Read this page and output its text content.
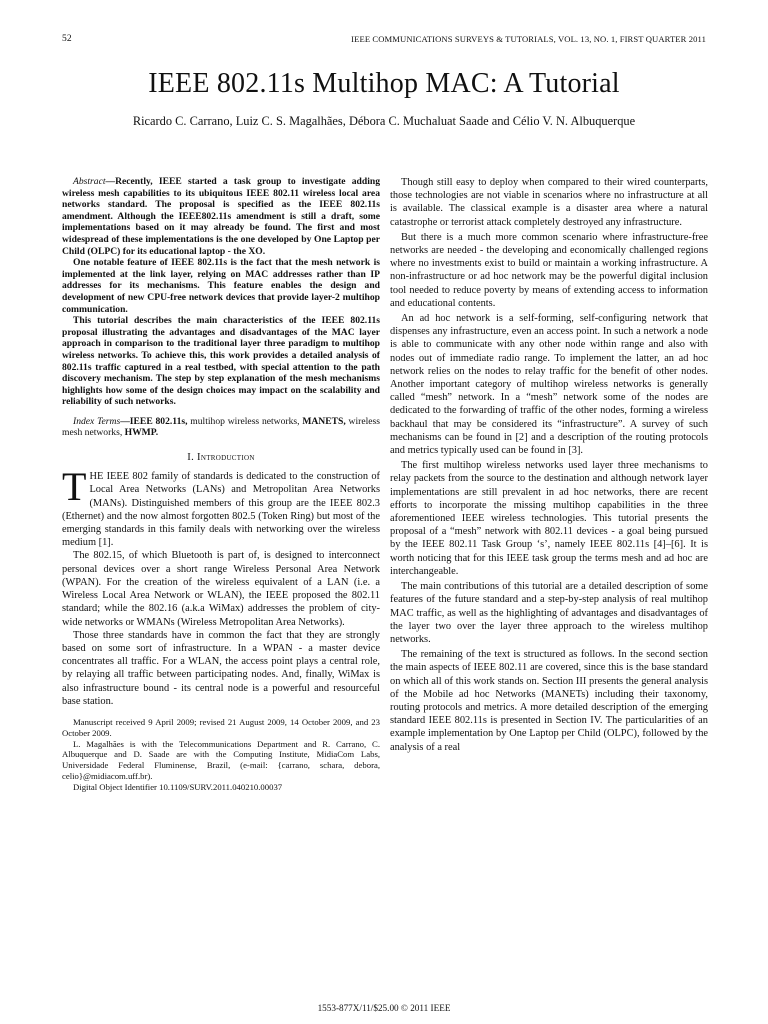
52	IEEE COMMUNICATIONS SURVEYS & TUTORIALS, VOL. 13, NO. 1, FIRST QUARTER 2011
IEEE 802.11s Multihop MAC: A Tutorial
Ricardo C. Carrano, Luiz C. S. Magalhães, Débora C. Muchaluat Saade and Célio V. N. Albuquerque

Abstract—Recently, IEEE started a task group to investigate adding wireless mesh capabilities to its ubiquitous IEEE 802.11 wireless local area networks standard. The proposal is specified as the IEEE 802.11s amendment. Although the IEEE802.11s amendment is still a draft, some implementations based on it may already be found. The first and most widespread of these implementations is the one developed by One Laptop per Child (OLPC) for its educational laptop - the XO.

One notable feature of IEEE 802.11s is the fact that the mesh network is implemented at the link layer, relying on MAC addresses rather than IP addresses for its mechanisms. This feature enables the design and development of new CPU-free network devices that provide layer-2 multihop communication.

This tutorial describes the main characteristics of the IEEE 802.11s proposal illustrating the advantages and disadvantages of the MAC layer approach in comparison to the traditional layer three paradigm to multihop wireless networks. To achieve this, this work provides a detailed analysis of 802.11s traffic captured in a real testbed, with special attention to the path discovery mechanism. The step by step explanation of the mesh mechanisms highlights how some of the design choices may impact on the scalability and reliability of such networks.

Index Terms—IEEE 802.11s, multihop wireless networks, MANETS, wireless mesh networks, HWMP.

I. Introduction

THE IEEE 802 family of standards is dedicated to the construction of Local Area Networks (LANs) and Metropolitan Area Networks (MANs). Distinguished members of this group are the IEEE 802.3 (Ethernet) and the now almost forgotten 802.5 (Token Ring) but most of the emerging standards in this family deals with networking over the wireless medium [1].

The 802.15, of which Bluetooth is part of, is designed to interconnect personal devices over a short range Wireless Personal Area Network (WPAN). For the creation of the wireless equivalent of a LAN (i.e. a Wireless Local Area Network or WLAN), the IEEE proposed the 802.11 standard; while the 802.16 (a.k.a WiMax) addresses the problem of city-wide networks or WMANs (Wireless Metropolitan Area Networks).

Those three standards have in common the fact that they are strongly based on some sort of infrastructure. In a WPAN - a master device concentrates all traffic. For a WLAN, the access point plays a central role, by relaying all traffic between participating nodes. And, finally, WiMax is also infrastructure bound - its central node is a powerful and resourceful base station.

Manuscript received 9 April 2009; revised 21 August 2009, 14 October 2009, and 23 October 2009.

L. Magalhães is with the Telecommunications Department and R. Carrano, C. Albuquerque and D. Saade are with the Computing Institute, MidiaCom Labs, Universidade Federal Fluminense, Brazil, (e-mail: {carrano, schara, debora, celio}@midiacom.uff.br).

Digital Object Identifier 10.1109/SURV.2011.040210.00037

Though still easy to deploy when compared to their wired counterparts, those technologies are not viable in scenarios where no infrastructure at all is available. The classical example is a disaster area where a natural catastrophe or terrorist attack completely destroyed any infrastructure.

But there is a much more common scenario where infrastructure-free networks are needed - the developing and economically challenged regions where no investments exist to build or maintain a working infrastructure. A non-infrastructure or ad hoc network may be the powerful digital inclusion tool needed to reduce poverty by means of extending access to information and educational contents.

An ad hoc network is a self-forming, self-configuring network that dispenses any infrastructure, even an access point. In such a network a node is able to communicate with any other node within range and also with nodes out of immediate radio range. To implement the latter, an ad hoc network relies on the nodes to relay traffic for the benefit of other nodes. Another important category of multihop wireless networks is generally called “mesh” network. In a “mesh” network some of the nodes are dedicated to the forwarding of traffic of the other nodes, forming a wireless backhaul that may be considered its “infrastructure”. A survey of such mechanisms can be found in [2] and a description of the routing protocols and metrics typically used can be found in [3].

The first multihop wireless networks used layer three mechanisms to relay packets from the source to the destination and although network layer implementations are still prevalent in ad hoc networks, there are recent efforts to incorporate the missing multihop capabilities in the three aforementioned IEEE wireless technologies. This tutorial presents the proposal of a “mesh” network with 802.11 devices - a goal being pursued by the IEEE 802.11 Task Group ‘s’, namely IEEE 802.11s [4]–[6]. It is worth noticing that for this IEEE task group the terms mesh and ad hoc are interchangeable.

The main contributions of this tutorial are a detailed description of some features of the future standard and a step-by-step analysis of real multihop MAC traffic, as well as the highlighting of advantages and disadvantages of the layer two over the layer three approach to the wireless multihop networks.

The remaining of the text is structured as follows. In the second section the main aspects of IEEE 802.11 are covered, since this is the base standard on which all of this work stands on. Section III presents the general analysis of the Mobile ad hoc Networks (MANETs) including their taxonomy, routing protocols and metrics. A more detailed description of the emerging standard IEEE 802.11s is presented in Section IV. The particularities of an example implementation by One Laptop per Child (OLPC), followed by the analysis of a real

1553-877X/11/$25.00 © 2011 IEEE
